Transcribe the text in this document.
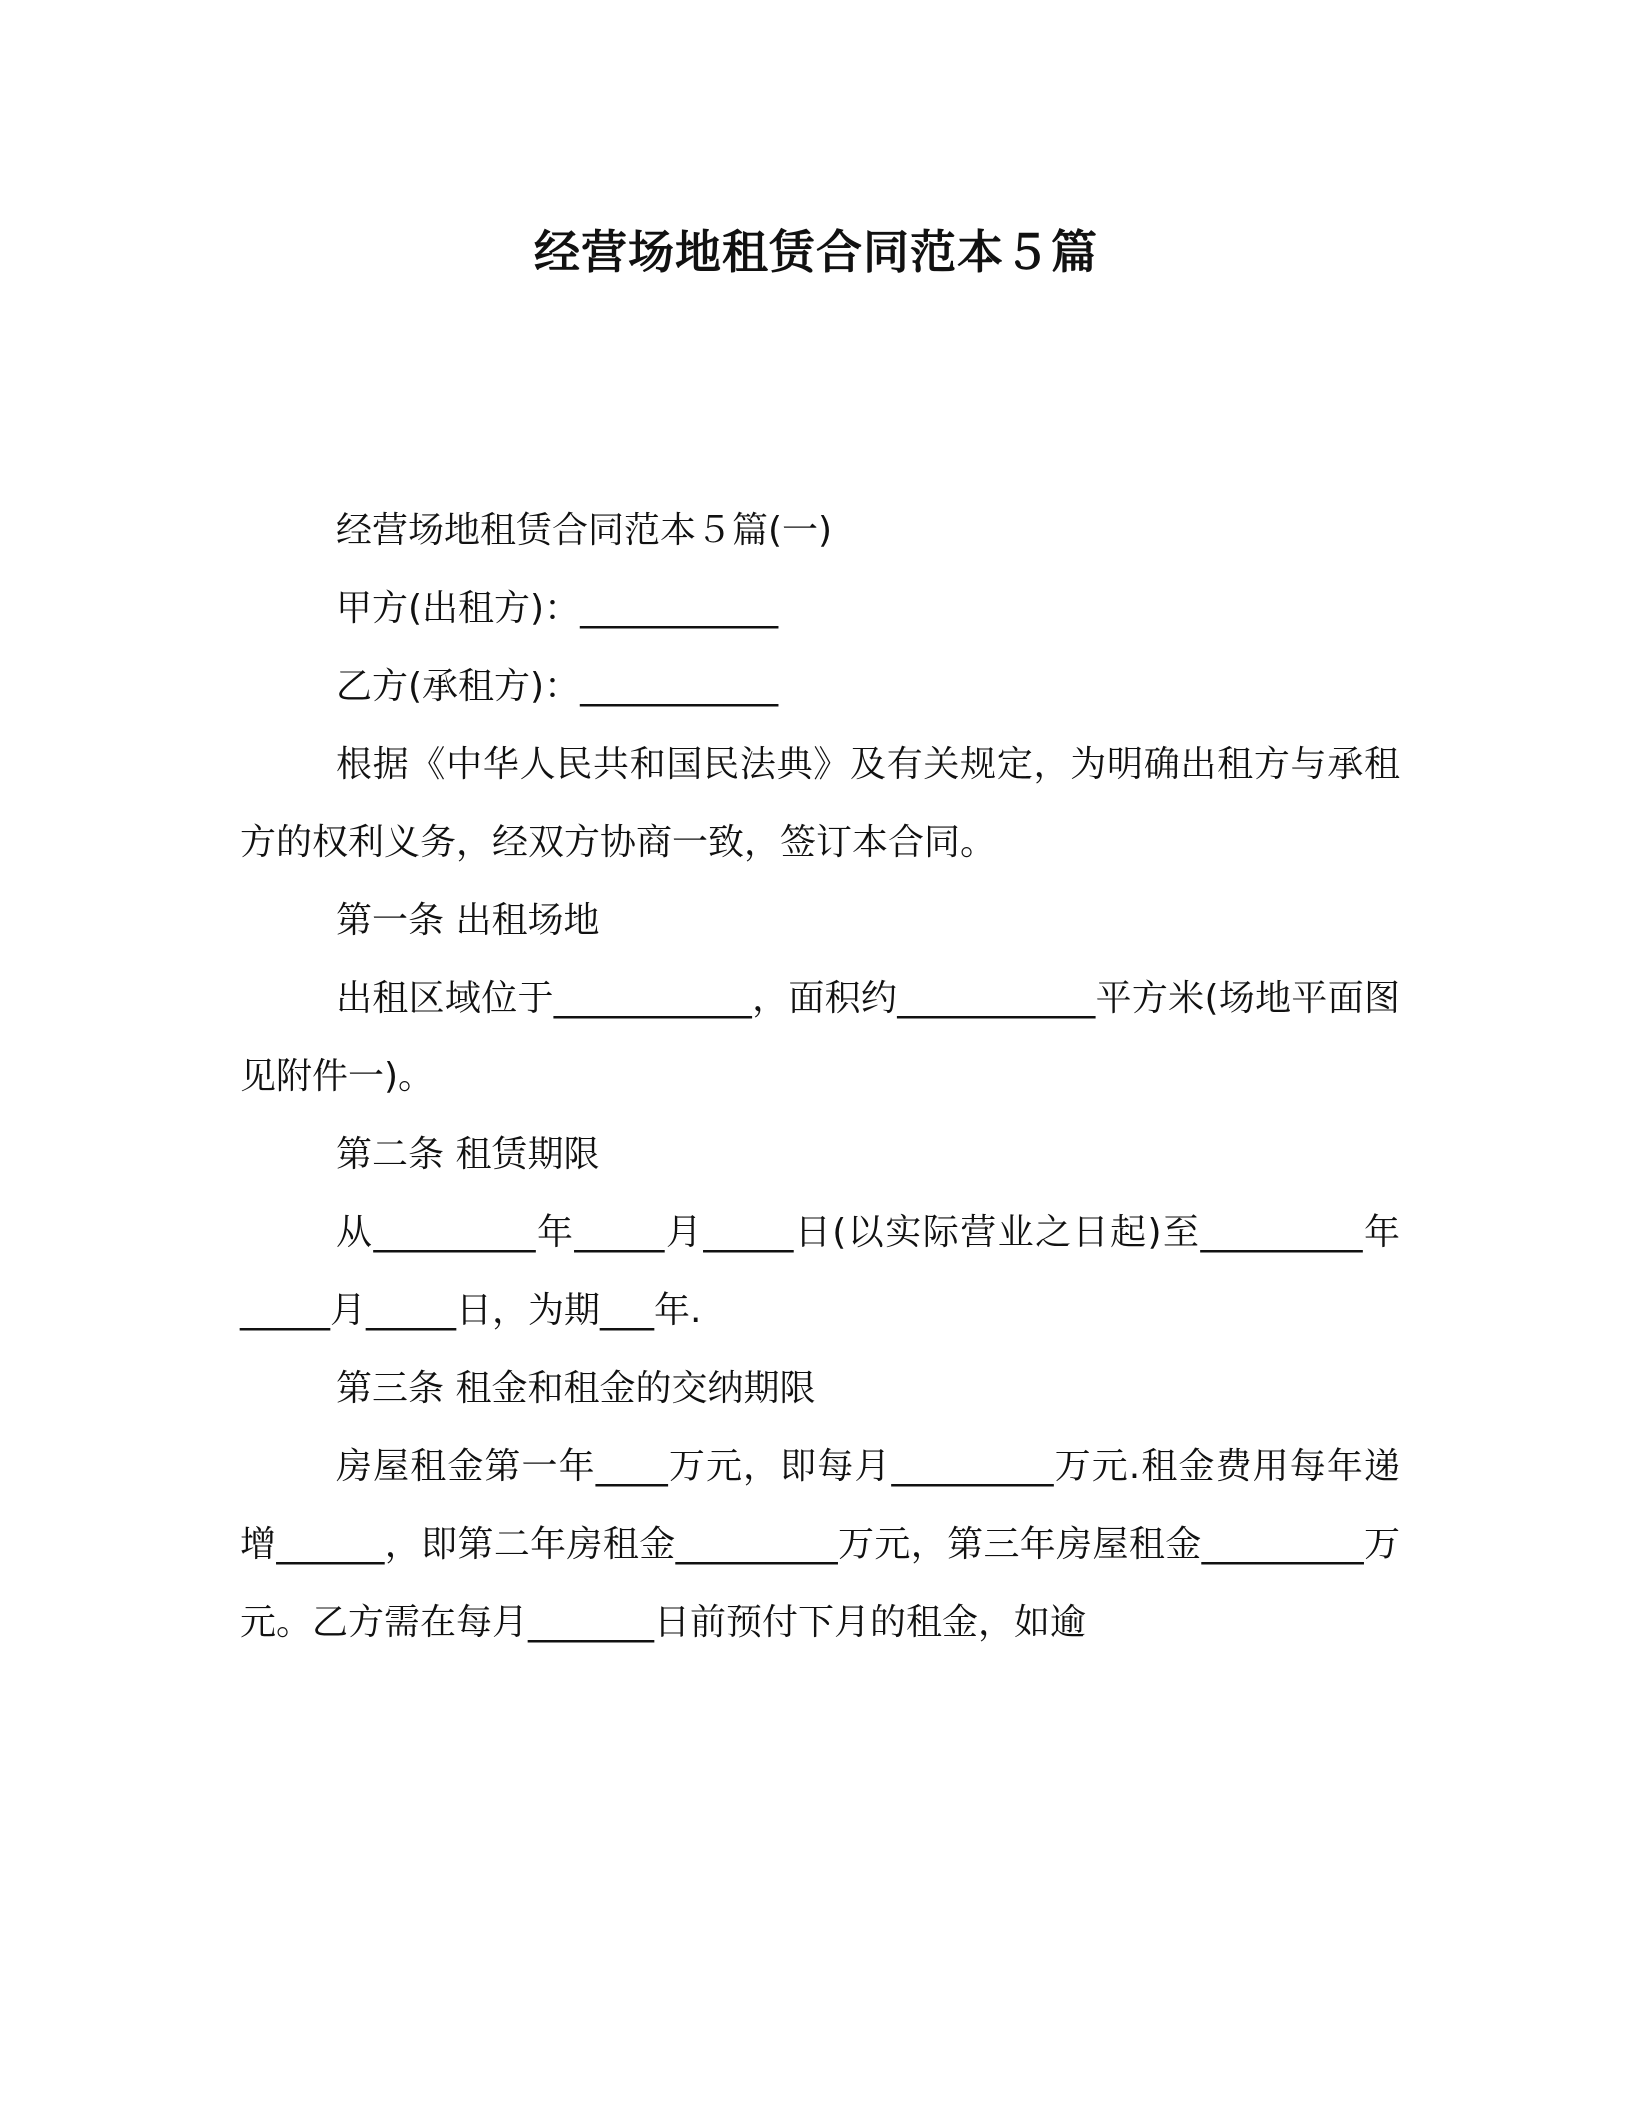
经营场地租赁合同范本５篇

经营场地租赁合同范本５篇(一)

甲方(出租方)：___________

乙方(承租方)：___________

根据《中华人民共和国民法典》及有关规定，为明确出租方与承租方的权利义务，经双方协商一致，签订本合同。

第一条 出租场地

出租区域位于___________，面积约___________平方米(场地平面图见附件一)。

第二条 租赁期限

从_________年_____月_____日(以实际营业之日起)至_________年_____月_____日，为期___年.

第三条 租金和租金的交纳期限

房屋租金第一年____万元，即每月_________万元.租金费用每年递增______，即第二年房租金_________万元，第三年房屋租金_________万元。乙方需在每月_______日前预付下月的租金，如逾
